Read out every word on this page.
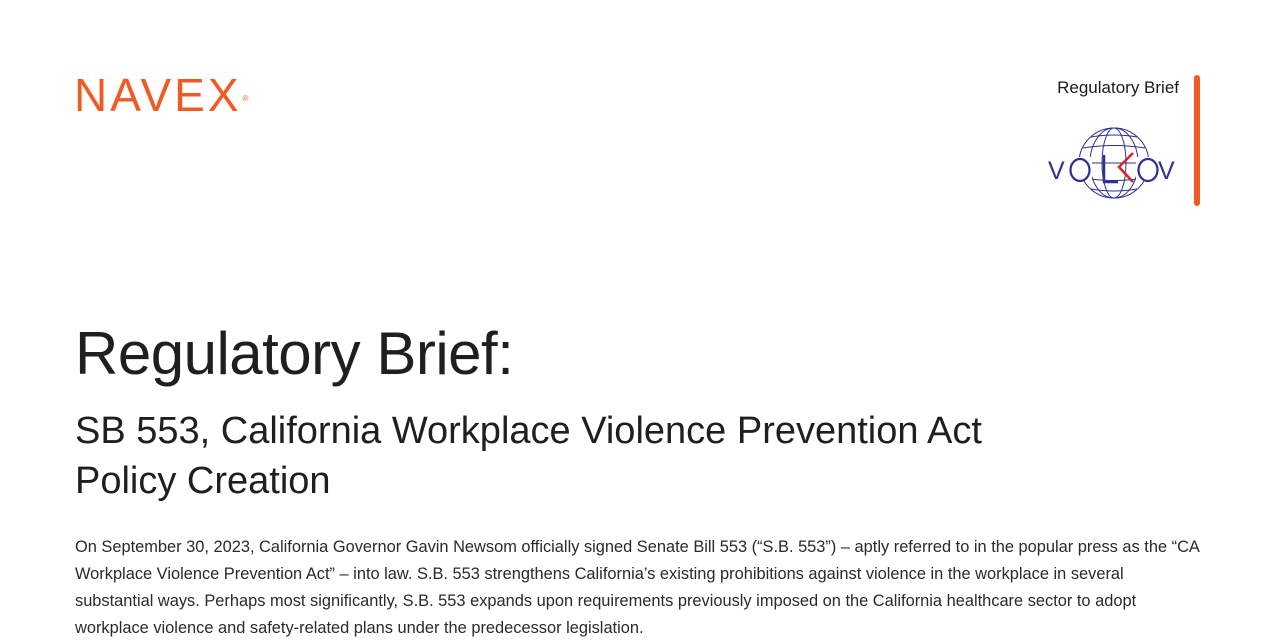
NAVEX®
Regulatory Brief
V	V
Regulatory Brief:
SB 553, California Workplace Violence Prevention Act
Policy Creation

On September 30, 2023, California Governor Gavin Newsom officially signed Senate Bill 553 (“S.B. 553”) – aptly referred to in the popular press as the “CA Workplace Violence Prevention Act” – into law. S.B. 553 strengthens California’s existing prohibitions against violence in the workplace in several substantial ways. Perhaps most significantly, S.B. 553 expands upon requirements previously imposed on the California healthcare sector to adopt workplace violence and safety-related plans under the predecessor legislation.
